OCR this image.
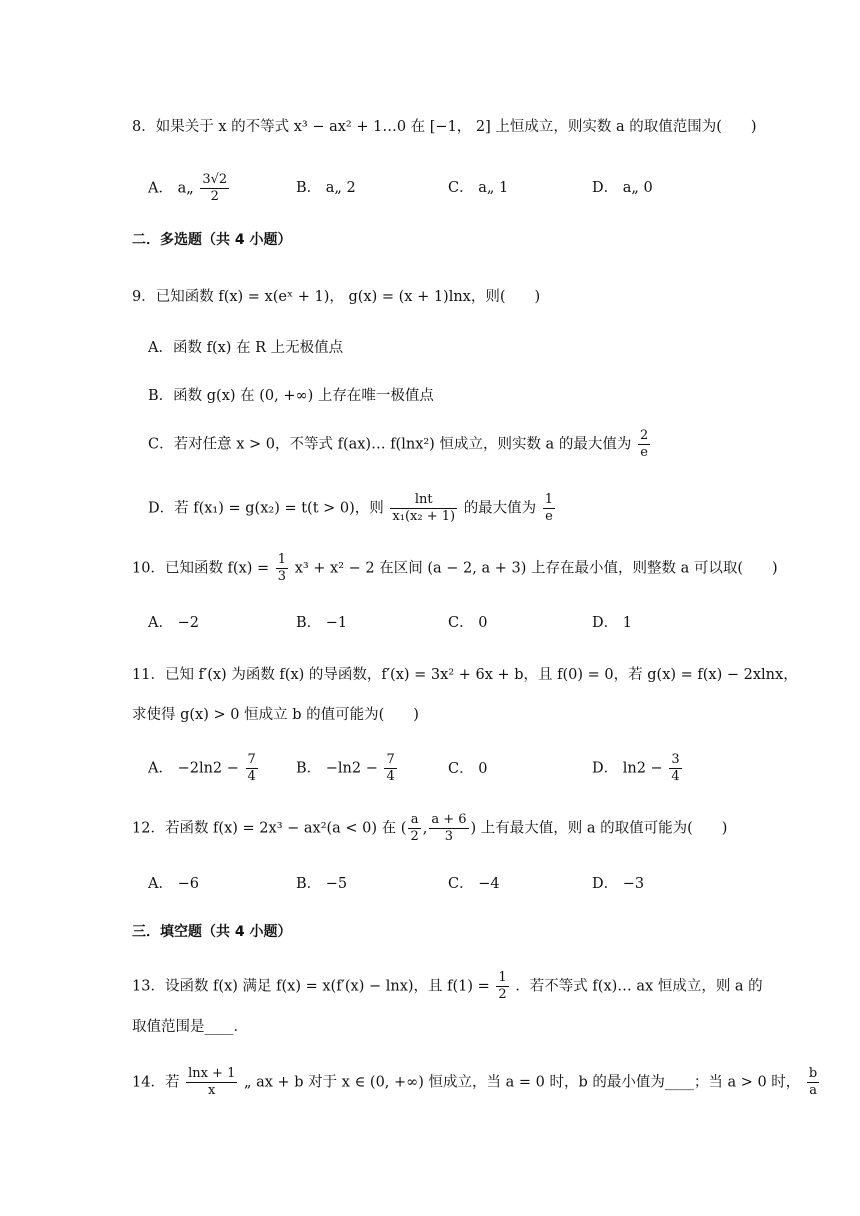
8．如果关于 x 的不等式 x³ − ax² + 1…0 在 [−1， 2] 上恒成立，则实数 a 的取值范围为(　　)
A． a„ $\frac{3√2}{2}$	B． a„ 2	C． a„ 1	D． a„ 0
二．多选题（共 4 小题）
9．已知函数 f(x) = x(eˣ + 1)， g(x) = (x + 1)lnx，则(　　)
A．函数 f(x) 在 R 上无极值点
B．函数 g(x) 在 (0, +∞) 上存在唯一极值点
C．若对任意 x > 0，不等式 f(ax)… f(lnx²) 恒成立，则实数 a 的最大值为 $\frac{2}{e}$
D．若 f(x₁) = g(x₂) = t(t > 0)，则 $\frac{\ln t}{\text{x₁(x₂ + 1)}}$ 的最大值为 $\frac{1}{e}$
10．已知函数 $f(x) = \frac{1}{3} x^3 + x^2 - 2$ 在区间 (a − 2, a + 3) 上存在最小值，则整数 a 可以取(　　)
A． −2	B． −1	C． 0	D． 1
11．已知 f′(x) 为函数 f(x) 的导函数，f′(x) = 3x² + 6x + b，且 f(0) = 0，若 g(x) = f(x) − 2xlnx，
求使得 g(x) > 0 恒成立 b 的值可能为(　　)
A． $-2\ln 2 - \frac{7}{4}$	B． $-\ln 2 - \frac{7}{4}$	C． 0	D． $\ln 2 - \frac{3}{4}$
12．若函数 f(x) = 2x³ − ax²(a < 0) 在 ( $\frac{a}{2}$ , $\frac{a + 6}{3}$ ) 上有最大值，则 a 的取值可能为(　　)
A． −6	B． −5	C． −4	D． −3
三．填空题（共 4 小题）
13．设函数 f(x) 满足 f(x) = x(f′(x) − lnx)，且 $f(1) = \frac{1}{2}$ ．若不等式 f(x)… ax 恒成立，则 a 的
取值范围是____．
14．若 $\frac{\ln x + 1}{x}$ „ ax + b 对于 x ∈ (0, +∞) 恒成立，当 a = 0 时，b 的最小值为____；当 a > 0 时， $\frac{b}{a}$
